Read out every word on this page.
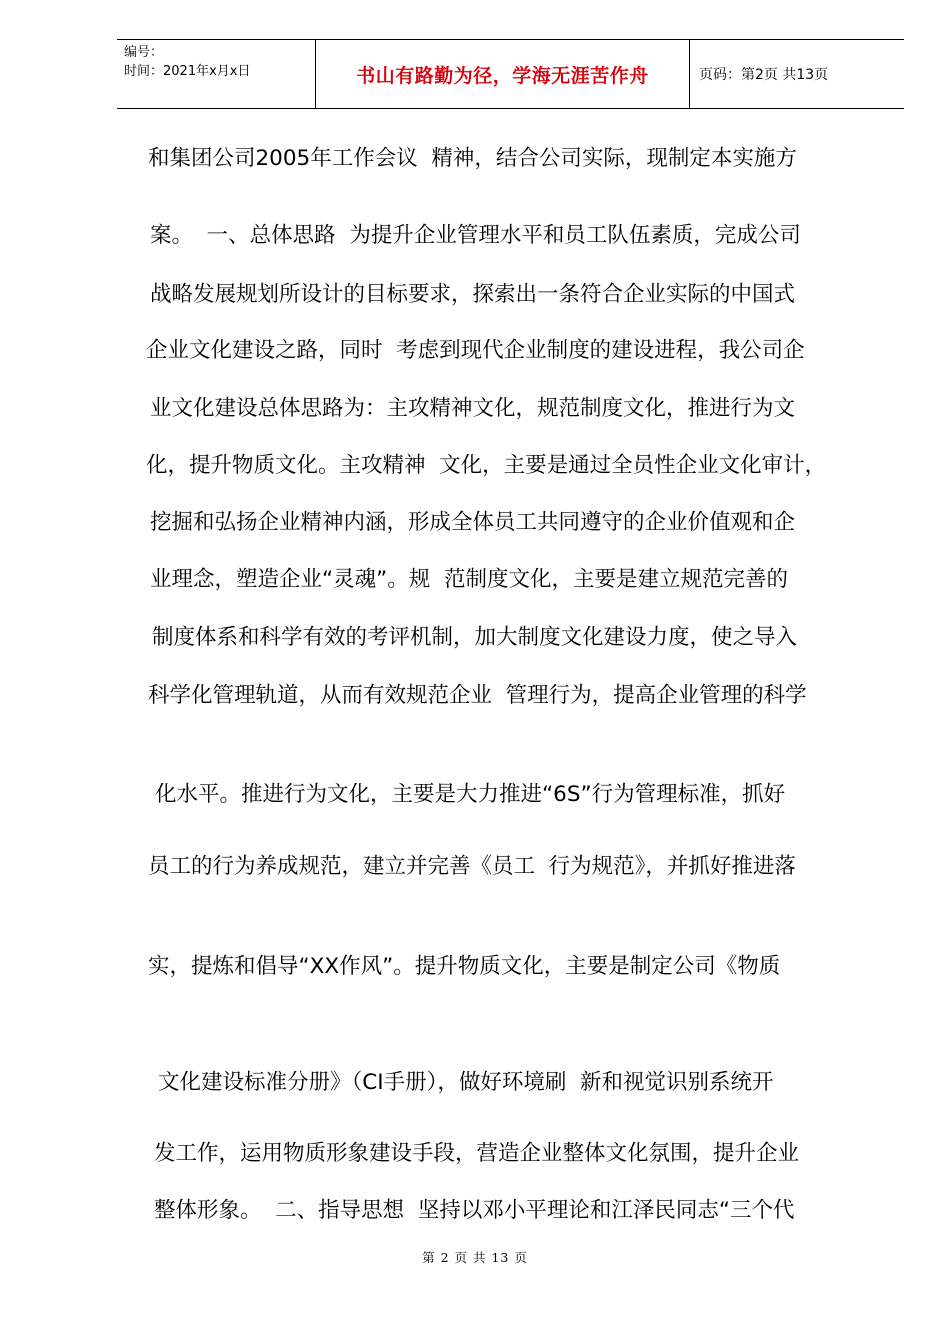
编号：
时间：2021年x月x日	书山有路勤为径，学海无涯苦作舟	页码：第2页 共13页
和集团公司2005年工作会议  精神，结合公司实际，现制定本实施方
案。  一、总体思路  为提升企业管理水平和员工队伍素质，完成公司
战略发展规划所设计的目标要求，探索出一条符合企业实际的中国式
企业文化建设之路，同时  考虑到现代企业制度的建设进程，我公司企
业文化建设总体思路为：主攻精神文化，规范制度文化，推进行为文
化，提升物质文化。主攻精神  文化，主要是通过全员性企业文化审计，
挖掘和弘扬企业精神内涵，形成全体员工共同遵守的企业价值观和企
业理念，塑造企业“灵魂”。规  范制度文化，主要是建立规范完善的
制度体系和科学有效的考评机制，加大制度文化建设力度，使之导入
科学化管理轨道，从而有效规范企业  管理行为，提高企业管理的科学
化水平。推进行为文化，主要是大力推进“6S”行为管理标准，抓好
员工的行为养成规范，建立并完善《员工  行为规范》，并抓好推进落
实，提炼和倡导“XX作风”。提升物质文化，主要是制定公司《物质
文化建设标准分册》（CI手册），做好环境刷  新和视觉识别系统开
发工作，运用物质形象建设手段，营造企业整体文化氛围，提升企业
整体形象。  二、指导思想  坚持以邓小平理论和江泽民同志“三个代
第 2 页 共 13 页
